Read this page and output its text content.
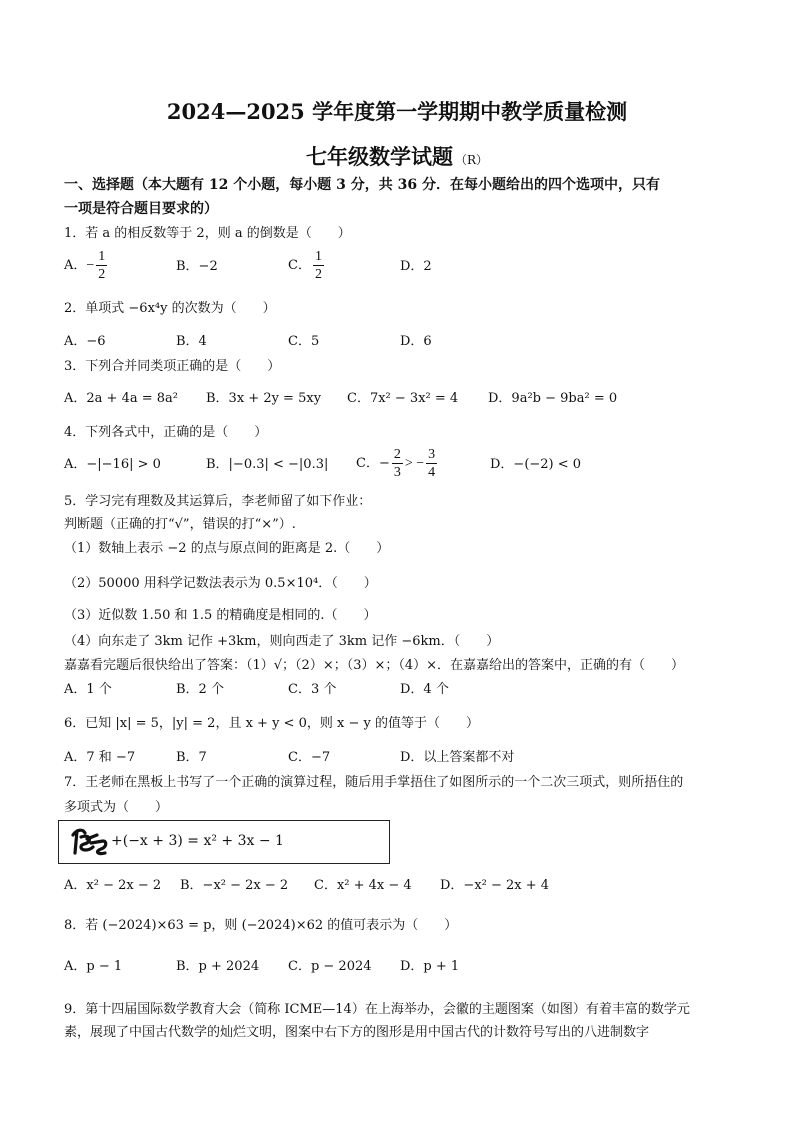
2024—2025 学年度第一学期期中教学质量检测
七年级数学试题 （R）
一、选择题（本大题有 12 个小题，每小题 3 分，共 36 分．在每小题给出的四个选项中，只有
一项是符合题目要求的）
1．若 a 的相反数等于 2，则 a 的倒数是（　　）
A．− $\frac{1}{2}$	B．−2	C． $\frac{1}{2}$	D．2
2．单项式 −6x⁴y 的次数为（　　）
A．−6	B．4	C．5	D．6
3．下列合并同类项正确的是（　　）
A．2a + 4a = 8a² B．3x + 2y = 5xy C．7x² − 3x² = 4 D．9a²b − 9ba² = 0
4．下列各式中，正确的是（　　）
A．−|−16| > 0	B．|−0.3| < −|0.3| C．− $\frac{2}{3}$ > − $\frac{3}{4}$	D．−(−2) < 0
5．学习完有理数及其运算后，李老师留了如下作业：
判断题（正确的打“√”，错误的打“×”）.
（1）数轴上表示 −2 的点与原点间的距离是 2.（　　）
（2）50000 用科学记数法表示为 0.5×10⁴．（　　）
（3）近似数 1.50 和 1.5 的精确度是相同的.（　　）
（4）向东走了 3km 记作 +3km，则向西走了 3km 记作 −6km．（　　）
嘉嘉看完题后很快给出了答案：（1）√；（2）×；（3）×；（4）×．在嘉嘉给出的答案中，正确的有（　　）
A．1 个	B．2 个	C．3 个	D．4 个
6．已知 |x| = 5，|y| = 2，且 x + y < 0，则 x − y 的值等于（　　）
A．7 和 −7	B．7	C．−7	D．以上答案都不对
7．王老师在黑板上书写了一个正确的演算过程，随后用手掌捂住了如图所示的一个二次三项式，则所捂住的
多项式为（　　）
+(−x + 3) = x² + 3x − 1
A．x² − 2x − 2 B．−x² − 2x − 2 C．x² + 4x − 4 D．−x² − 2x + 4
8．若 (−2024)×63 = p，则 (−2024)×62 的值可表示为（　　）
A．p − 1	B．p + 2024 C．p − 2024 D．p + 1
9．第十四届国际数学教育大会（简称 ICME—14）在上海举办，会徽的主题图案（如图）有着丰富的数学元
素，展现了中国古代数学的灿烂文明，图案中右下方的图形是用中国古代的计数符号写出的八进制数字
